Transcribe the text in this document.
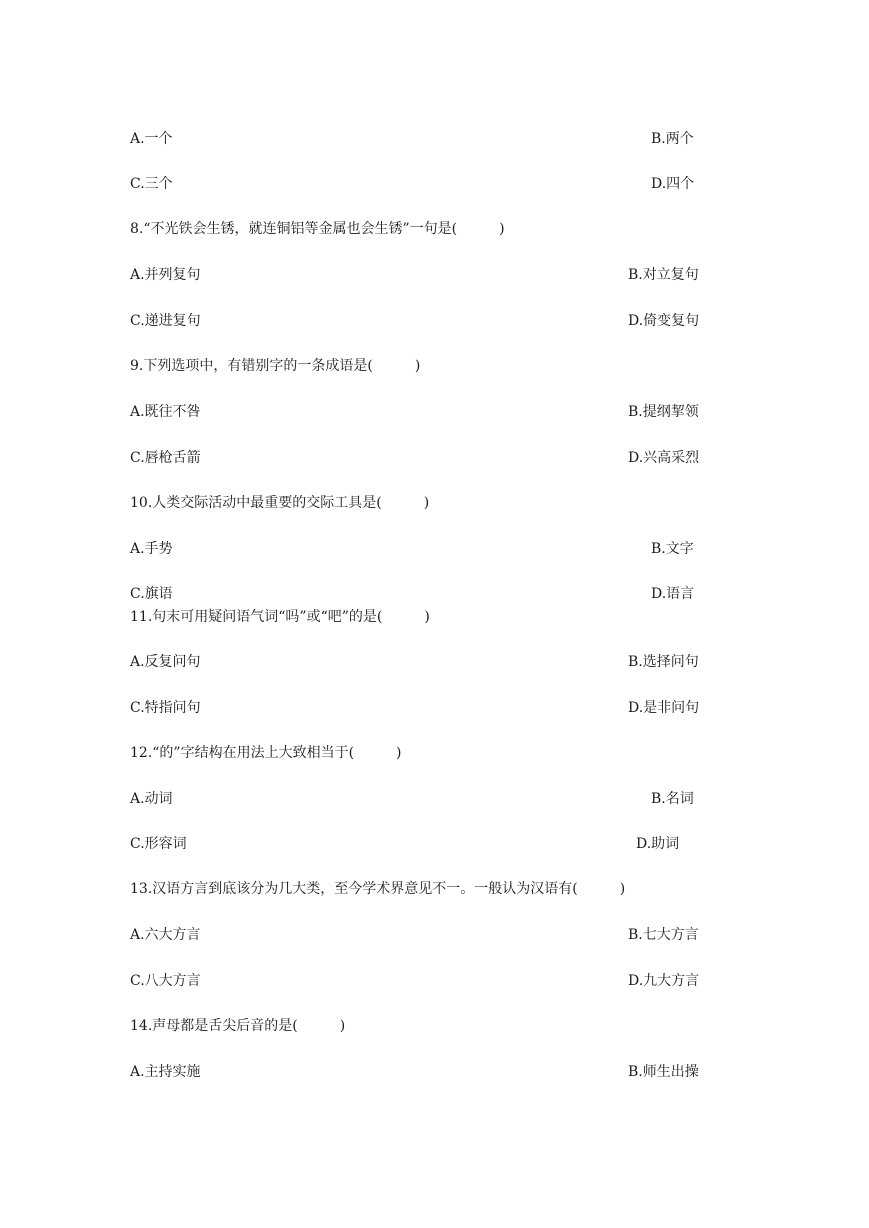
A.一个	B.两个
C.三个	D.四个
8.“不光铁会生锈，就连铜铝等金属也会生锈”一句是(　　　)
A.并列复句	B.对立复句
C.递进复句	D.倚变复句
9.下列选项中，有错别字的一条成语是(　　　)
A.既往不咎	B.提纲挈领
C.唇枪舌箭	D.兴高采烈
10.人类交际活动中最重要的交际工具是(　　　)
A.手势	B.文字
C.旗语	D.语言
11.句末可用疑问语气词“吗”或“吧”的是(　　　)
A.反复问句	B.选择问句
C.特指问句	D.是非问句
12.“的”字结构在用法上大致相当于(　　　)
A.动词	B.名词
C.形容词	D.助词
13.汉语方言到底该分为几大类，至今学术界意见不一。一般认为汉语有(　　　)
A.六大方言	B.七大方言
C.八大方言	D.九大方言
14.声母都是舌尖后音的是(　　　)
A.主持实施	B.师生出操
